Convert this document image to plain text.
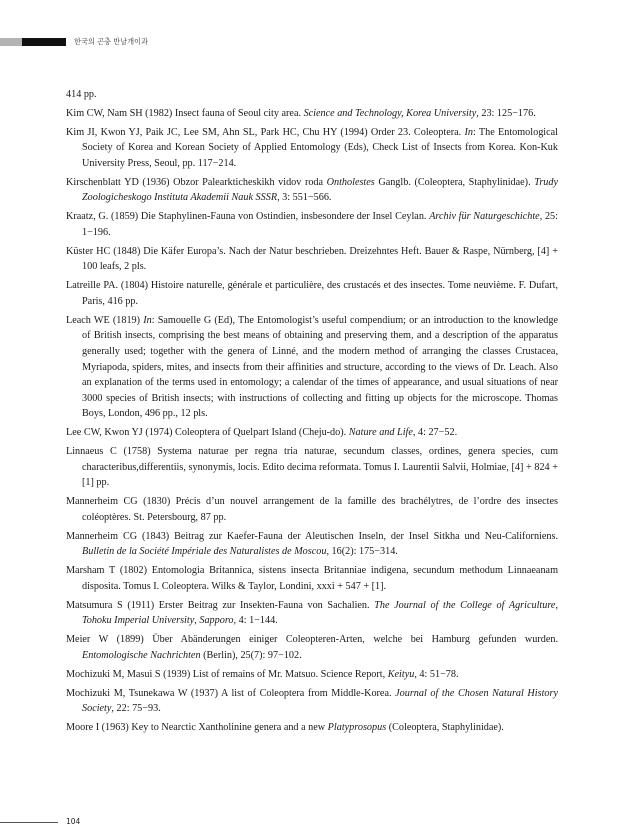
한국의 곤충 반날개이과

414 pp.

Kim CW, Nam SH (1982) Insect fauna of Seoul city area. Science and Technology, Korea University, 23: 125−176.

Kim JI, Kwon YJ, Paik JC, Lee SM, Ahn SL, Park HC, Chu HY (1994) Order 23. Coleoptera. In: The Entomological Society of Korea and Korean Society of Applied Entomology (Eds), Check List of Insects from Korea. Kon-Kuk University Press, Seoul, pp. 117−214.

Kirschenblatt YD (1936) Obzor Palearkticheskikh vidov roda Ontholestes Ganglb. (Coleoptera, Staphylinidae). Trudy Zoologicheskogo Instituta Akademii Nauk SSSR, 3: 551−566.

Kraatz, G. (1859) Die Staphylinen-Fauna von Ostindien, insbesondere der Insel Ceylan. Archiv für Naturgeschichte, 25: 1−196.

Küster HC (1848) Die Käfer Europa’s. Nach der Natur beschrieben. Dreizehntes Heft. Bauer & Raspe, Nürnberg, [4] + 100 leafs, 2 pls.

Latreille PA. (1804) Histoire naturelle, générale et particulière, des crustacés et des insectes. Tome neuvième. F. Dufart, Paris, 416 pp.

Leach WE (1819) In: Samouelle G (Ed), The Entomologist’s useful compendium; or an introduction to the knowledge of British insects, comprising the best means of obtaining and preserving them, and a description of the apparatus generally used; together with the genera of Linné, and the modern method of arranging the classes Crustacea, Myriapoda, spiders, mites, and insects from their affinities and structure, according to the views of Dr. Leach. Also an explanation of the terms used in entomology; a calendar of the times of appearance, and usual situations of near 3000 species of British insects; with instructions of collecting and fitting up objects for the microscope. Thomas Boys, London, 496 pp., 12 pls.

Lee CW, Kwon YJ (1974) Coleoptera of Quelpart Island (Cheju-do). Nature and Life, 4: 27−52.

Linnaeus C (1758) Systema naturae per regna tria naturae, secundum classes, ordines, genera species, cum characteribus,differentiis, synonymis, locis. Edito decima reformata. Tomus I. Laurentii Salvii, Holmiae, [4] + 824 + [1] pp.

Mannerheim CG (1830) Précis d’un nouvel arrangement de la famille des brachélytres, de l’ordre des insectes coléoptères. St. Petersbourg, 87 pp.

Mannerheim CG (1843) Beitrag zur Kaefer-Fauna der Aleutischen Inseln, der Insel Sitkha und Neu-Californiens. Bulletin de la Société Impériale des Naturalistes de Moscou, 16(2): 175−314.

Marsham T (1802) Entomologia Britannica, sistens insecta Britanniae indigena, secundum methodum Linnaeanam disposita. Tomus I. Coleoptera. Wilks & Taylor, Londini, xxxi + 547 + [1].

Matsumura S (1911) Erster Beitrag zur Insekten-Fauna von Sachalien. The Journal of the College of Agriculture, Tohoku Imperial University, Sapporo, 4: 1−144.

Meier W (1899) Über Abänderungen einiger Coleopteren-Arten, welche bei Hamburg gefunden wurden. Entomologische Nachrichten (Berlin), 25(7): 97−102.

Mochizuki M, Masui S (1939) List of remains of Mr. Matsuo. Science Report, Keityu, 4: 51−78.

Mochizuki M, Tsunekawa W (1937) A list of Coleoptera from Middle-Korea. Journal of the Chosen Natural History Society, 22: 75−93.

Moore I (1963) Key to Nearctic Xantholinine genera and a new Platyprosopus (Coleoptera, Staphylinidae).

104
